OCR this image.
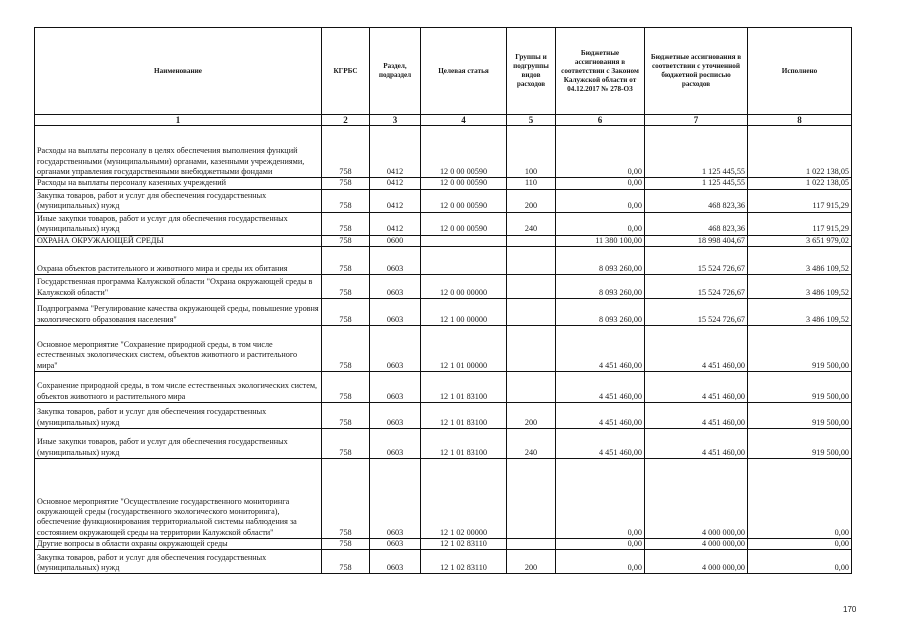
Наименование	КГРБС	Раздел, подраздел	Целевая статья	Группы и подгруппы видов расходов	Бюджетные ассигнования в соответствии с Законом Калужской области от 04.12.2017 № 278-ОЗ	Бюджетные ассигнования в соответствии с уточненной бюджетной росписью расходов	Исполнено
1	2	3	4	5	6	7	8
Расходы на выплаты персоналу в целях обеспечения выполнения функций государственными (муниципальными) органами, казенными учреждениями, органами управления государственными внебюджетными фондами	758	0412	12 0 00 00590	100	0,00	1 125 445,55	1 022 138,05
Расходы на выплаты персоналу казенных учреждений	758	0412	12 0 00 00590	110	0,00	1 125 445,55	1 022 138,05
Закупка товаров, работ и услуг для обеспечения государственных (муниципальных) нужд	758	0412	12 0 00 00590	200	0,00	468 823,36	117 915,29
Иные закупки товаров, работ и услуг для обеспечения государственных (муниципальных) нужд	758	0412	12 0 00 00590	240	0,00	468 823,36	117 915,29
ОХРАНА ОКРУЖАЮЩЕЙ СРЕДЫ	758	0600			11 380 100,00	18 998 404,67	3 651 979,02
Охрана объектов растительного и животного мира и среды их обитания	758	0603			8 093 260,00	15 524 726,67	3 486 109,52
Государственная программа Калужской области "Охрана окружающей среды в Калужской области"	758	0603	12 0 00 00000		8 093 260,00	15 524 726,67	3 486 109,52
Подпрограмма "Регулирование качества окружающей среды, повышение уровня экологического образования населения"	758	0603	12 1 00 00000		8 093 260,00	15 524 726,67	3 486 109,52
Основное мероприятие "Сохранение природной среды, в том числе естественных экологических систем, объектов животного и растительного мира"	758	0603	12 1 01 00000		4 451 460,00	4 451 460,00	919 500,00
Сохранение природной среды, в том числе естественных экологических систем, объектов животного и растительного мира	758	0603	12 1 01 83100		4 451 460,00	4 451 460,00	919 500,00
Закупка товаров, работ и услуг для обеспечения государственных (муниципальных) нужд	758	0603	12 1 01 83100	200	4 451 460,00	4 451 460,00	919 500,00
Иные закупки товаров, работ и услуг для обеспечения государственных (муниципальных) нужд	758	0603	12 1 01 83100	240	4 451 460,00	4 451 460,00	919 500,00
Основное мероприятие "Осуществление государственного мониторинга окружающей среды (государственного экологического мониторинга), обеспечение функционирования территориальной системы наблюдения за состоянием окружающей среды на территории Калужской области"	758	0603	12 1 02 00000		0,00	4 000 000,00	0,00
Другие вопросы в области охраны окружающей среды	758	0603	12 1 02 83110		0,00	4 000 000,00	0,00
Закупка товаров, работ и услуг для обеспечения государственных (муниципальных) нужд	758	0603	12 1 02 83110	200	0,00	4 000 000,00	0,00
170
